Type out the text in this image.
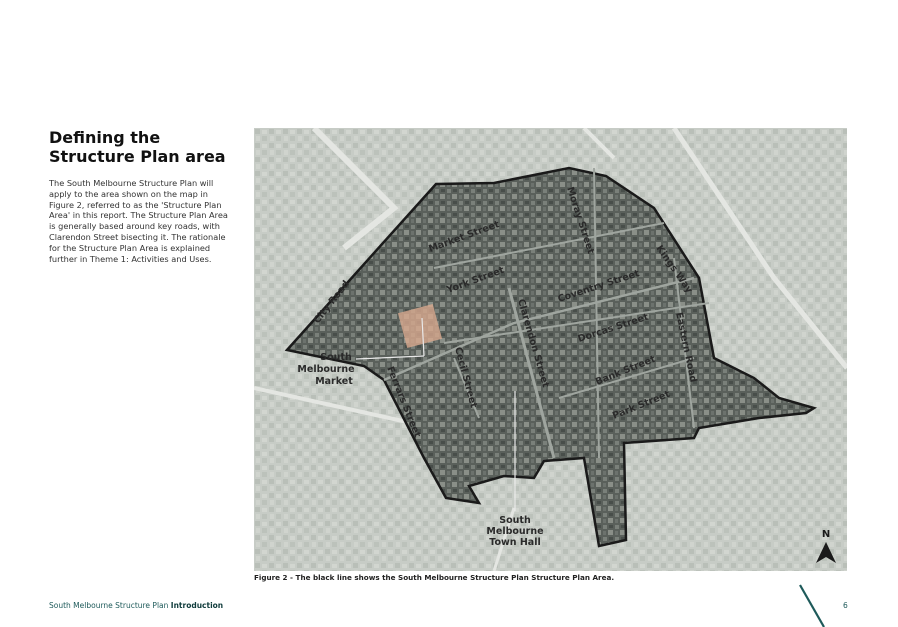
Defining the Structure Plan area

The South Melbourne Structure Plan will apply to the area shown on the map in Figure 2, referred to as the 'Structure Plan Area' in this report. The Structure Plan Area is generally based around key roads, with Clarendon Street bisecting it. The rationale for the Structure Plan Area is explained further in Theme 1: Activities and Uses.

Market Street	Moray Street
Kings Way
City Road	York Street	Coventry Street
Clarendon Street	Dorcas Street Eastern Road
Cecil Street	Bank Street
Park Street
Ferrars Street
South
Melbourne
Market
South
Melbourne
Town Hall
N

Figure 2 - The black line shows the South Melbourne Structure Plan Structure Plan Area.

South Melbourne Structure Plan Introduction	6
